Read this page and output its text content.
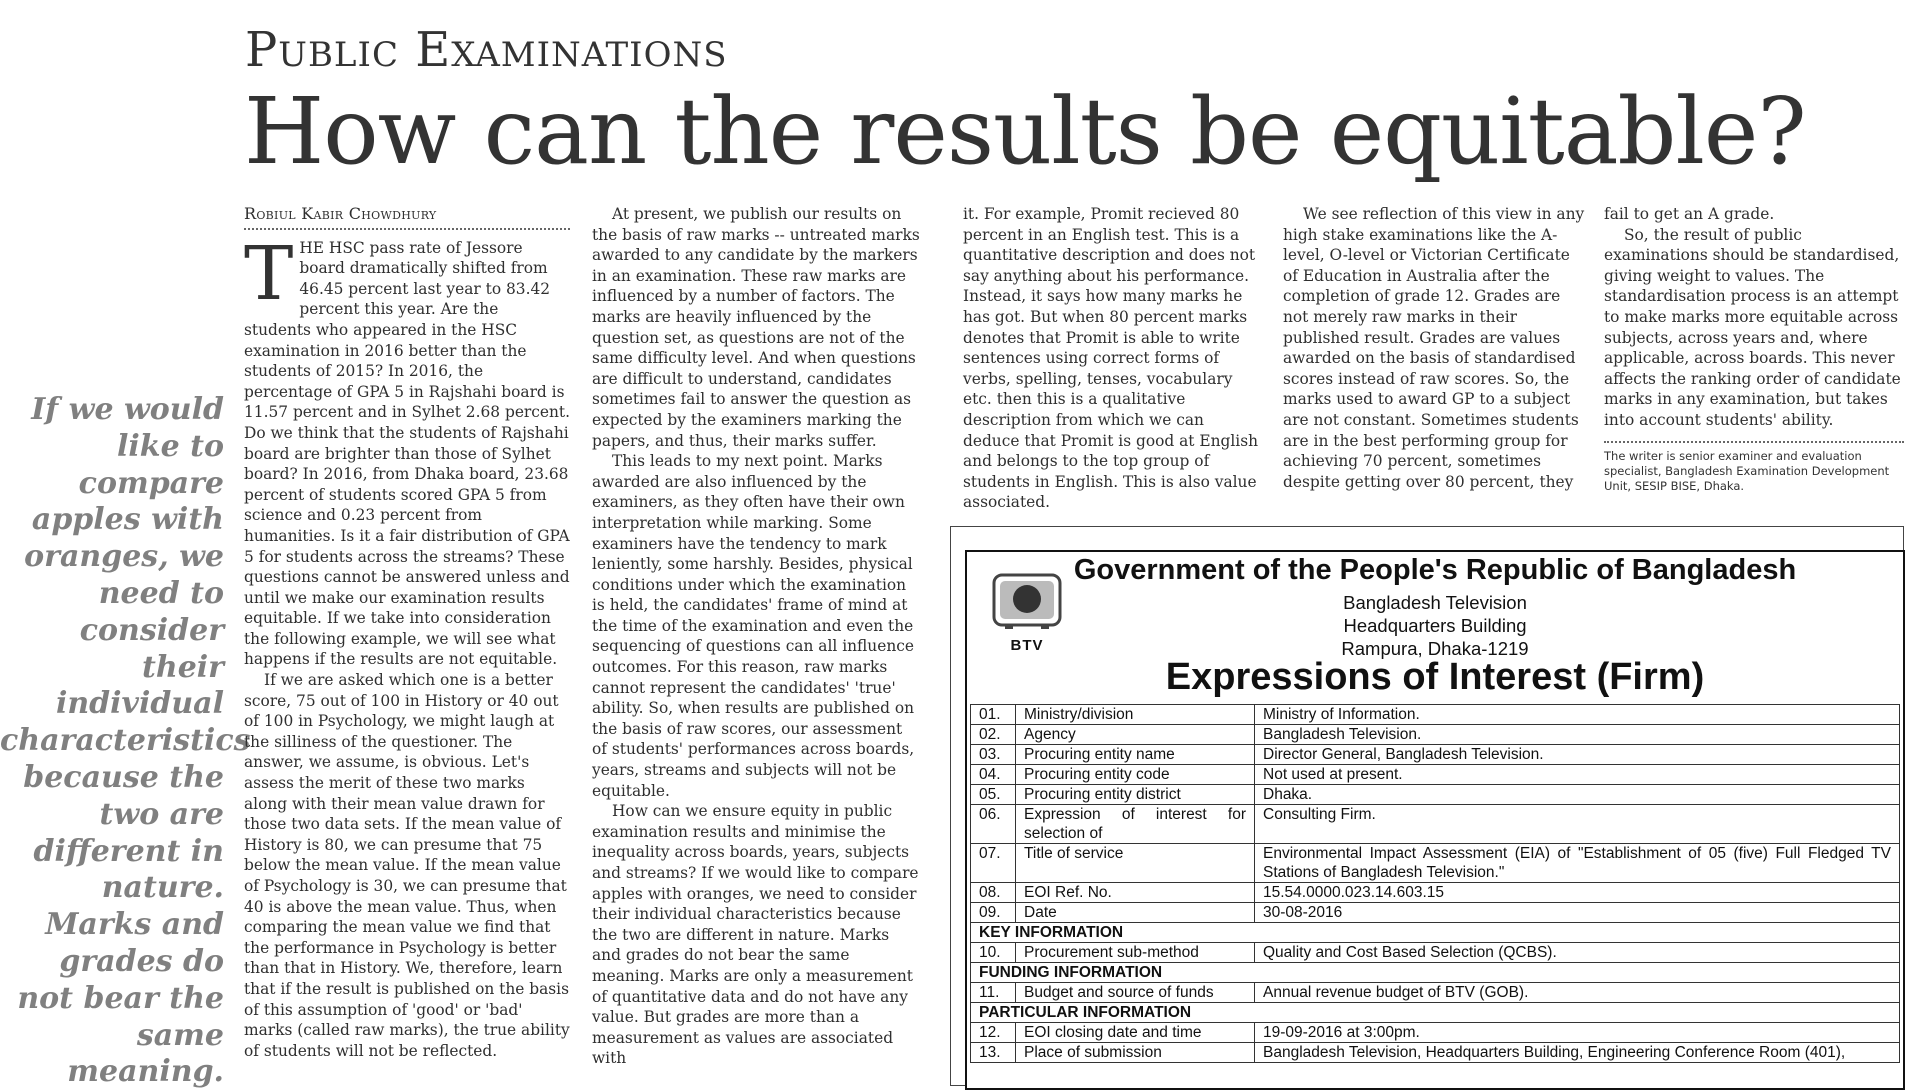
Public Examinations
How can the results be equitable?
If we would like to compare apples with oranges, we need to consider their individual characteristics because the two are different in nature. Marks and grades do not bear the same meaning.
Robiul Kabir Chowdhury

THE HSC pass rate of Jessore board dramatically shifted from 46.45 percent last year to 83.42 percent this year. Are the students who appeared in the HSC examination in 2016 better than the students of 2015? In 2016, the percentage of GPA 5 in Rajshahi board is 11.57 percent and in Sylhet 2.68 percent. Do we think that the students of Rajshahi board are brighter than those of Sylhet board? In 2016, from Dhaka board, 23.68 percent of students scored GPA 5 from science and 0.23 percent from humanities. Is it a fair distribution of GPA 5 for students across the streams? These questions cannot be answered unless and until we make our examination results equitable. If we take into consideration the following example, we will see what happens if the results are not equitable.

If we are asked which one is a better score, 75 out of 100 in History or 40 out of 100 in Psychology, we might laugh at the silliness of the questioner. The answer, we assume, is obvious. Let's assess the merit of these two marks along with their mean value drawn for those two data sets. If the mean value of History is 80, we can presume that 75 below the mean value. If the mean value of Psychology is 30, we can presume that 40 is above the mean value. Thus, when comparing the mean value we find that the performance in Psychology is better than that in History. We, therefore, learn that if the result is published on the basis of this assumption of 'good' or 'bad' marks (called raw marks), the true ability of students will not be reflected.

At present, we publish our results on the basis of raw marks -- untreated marks awarded to any candidate by the markers in an examination. These raw marks are influenced by a number of factors. The marks are heavily influenced by the question set, as questions are not of the same difficulty level. And when questions are difficult to understand, candidates sometimes fail to answer the question as expected by the examiners marking the papers, and thus, their marks suffer.

This leads to my next point. Marks awarded are also influenced by the examiners, as they often have their own interpretation while marking. Some examiners have the tendency to mark leniently, some harshly. Besides, physical conditions under which the examination is held, the candidates' frame of mind at the time of the examination and even the sequencing of questions can all influence outcomes. For this reason, raw marks cannot represent the candidates' 'true' ability. So, when results are published on the basis of raw scores, our assessment of students' performances across boards, years, streams and subjects will not be equitable.

How can we ensure equity in public examination results and minimise the inequality across boards, years, subjects and streams? If we would like to compare apples with oranges, we need to consider their individual characteristics because the two are different in nature. Marks and grades do not bear the same meaning. Marks are only a measurement of quantitative data and do not have any value. But grades are more than a measurement as values are associated with

it. For example, Promit recieved 80 percent in an English test. This is a quantitative description and does not say anything about his performance. Instead, it says how many marks he has got. But when 80 percent marks denotes that Promit is able to write sentences using correct forms of verbs, spelling, tenses, vocabulary etc. then this is a qualitative description from which we can deduce that Promit is good at English and belongs to the top group of students in English. This is also value associated.

We see reflection of this view in any high stake examinations like the A-level, O-level or Victorian Certificate of Education in Australia after the completion of grade 12. Grades are not merely raw marks in their published result. Grades are values awarded on the basis of standardised scores instead of raw scores. So, the marks used to award GP to a subject are not constant. Sometimes students are in the best performing group for achieving 70 percent, sometimes despite getting over 80 percent, they

fail to get an A grade.

So, the result of public examinations should be standardised, giving weight to values. The standardisation process is an attempt to make marks more equitable across subjects, across years and, where applicable, across boards. This never affects the ranking order of candidate marks in any examination, but takes into account students' ability.

The writer is senior examiner and evaluation specialist, Bangladesh Examination Development Unit, SESIP BISE, Dhaka.
BTV
Government of the People's Republic of Bangladesh
Bangladesh Television
Headquarters Building
Rampura, Dhaka-1219
Expressions of Interest (Firm)
01.	Ministry/division	Ministry of Information.
02.	Agency	Bangladesh Television.
03.	Procuring entity name	Director General, Bangladesh Television.
04.	Procuring entity code	Not used at present.
05.	Procuring entity district	Dhaka.
06.	Expression of interest for selection of	Consulting Firm.
07.	Title of service	Environmental Impact Assessment (EIA) of "Establishment of 05 (five) Full Fledged TV Stations of Bangladesh Television."
08.	EOI Ref. No.	15.54.0000.023.14.603.15
09.	Date	30-08-2016
KEY INFORMATION		
10.	Procurement sub-method	Quality and Cost Based Selection (QCBS).
FUNDING INFORMATION		
11.	Budget and source of funds	Annual revenue budget of BTV (GOB).
PARTICULAR INFORMATION		
12.	EOI closing date and time	19-09-2016 at 3:00pm.
13.	Place of submission	Bangladesh Television, Headquarters Building, Engineering Conference Room (401),
